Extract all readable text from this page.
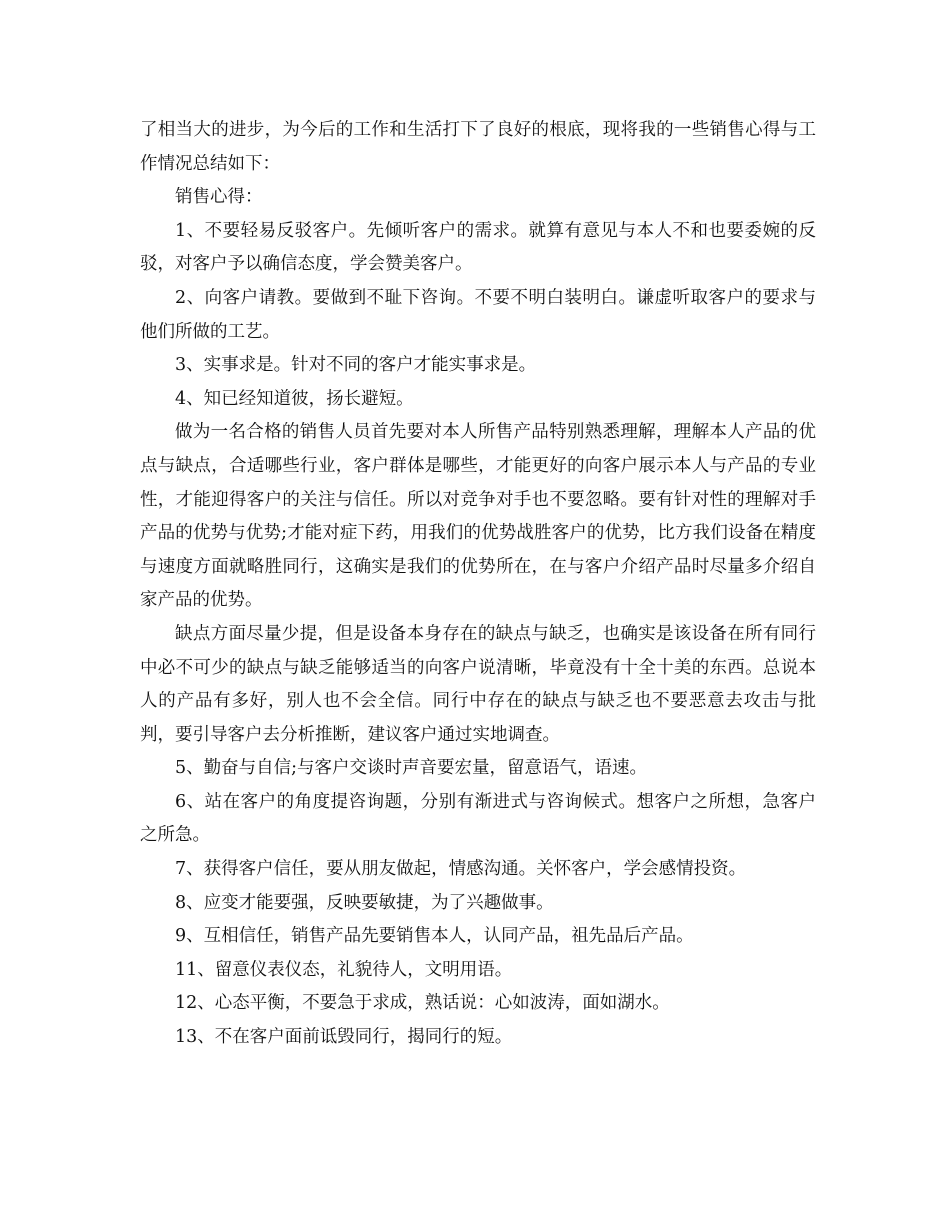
了相当大的进步，为今后的工作和生活打下了良好的根底，现将我的一些销售心得与工作情况总结如下：

销售心得：

1、不要轻易反驳客户。先倾听客户的需求。就算有意见与本人不和也要委婉的反驳，对客户予以确信态度，学会赞美客户。

2、向客户请教。要做到不耻下咨询。不要不明白装明白。谦虚听取客户的要求与他们所做的工艺。

3、实事求是。针对不同的客户才能实事求是。

4、知已经知道彼，扬长避短。

做为一名合格的销售人员首先要对本人所售产品特别熟悉理解，理解本人产品的优点与缺点，合适哪些行业，客户群体是哪些，才能更好的向客户展示本人与产品的专业性，才能迎得客户的关注与信任。所以对竞争对手也不要忽略。要有针对性的理解对手产品的优势与优势;才能对症下药，用我们的优势战胜客户的优势，比方我们设备在精度与速度方面就略胜同行，这确实是我们的优势所在，在与客户介绍产品时尽量多介绍自家产品的优势。

缺点方面尽量少提，但是设备本身存在的缺点与缺乏，也确实是该设备在所有同行中必不可少的缺点与缺乏能够适当的向客户说清晰，毕竟没有十全十美的东西。总说本人的产品有多好，别人也不会全信。同行中存在的缺点与缺乏也不要恶意去攻击与批判，要引导客户去分析推断，建议客户通过实地调查。

5、勤奋与自信;与客户交谈时声音要宏量，留意语气，语速。

6、站在客户的角度提咨询题，分别有渐进式与咨询候式。想客户之所想，急客户之所急。

7、获得客户信任，要从朋友做起，情感沟通。关怀客户，学会感情投资。

8、应变才能要强，反映要敏捷，为了兴趣做事。

9、互相信任，销售产品先要销售本人，认同产品，祖先品后产品。

11、留意仪表仪态，礼貌待人，文明用语。

12、心态平衡，不要急于求成，熟话说：心如波涛，面如湖水。

13、不在客户面前诋毁同行，揭同行的短。
